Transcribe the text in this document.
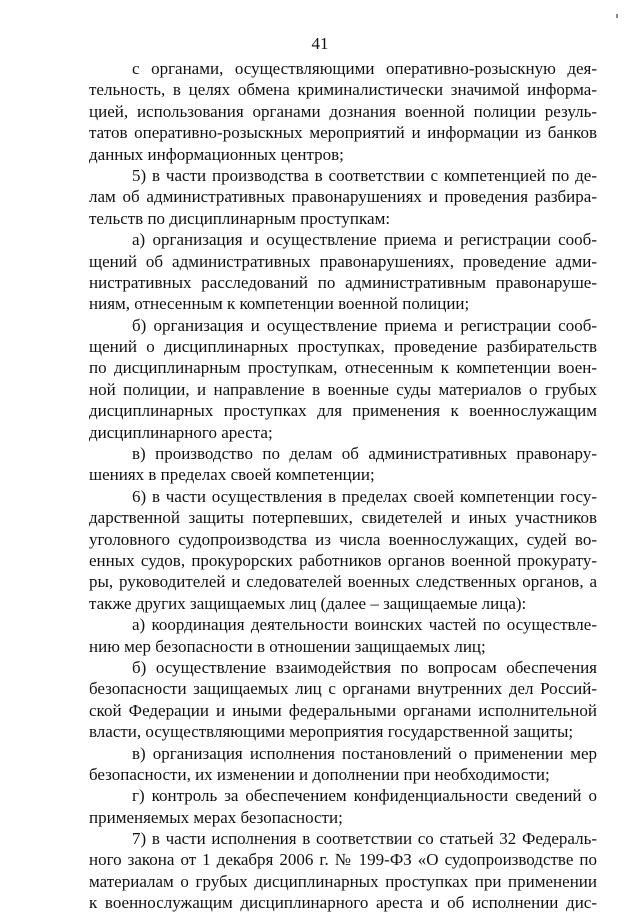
41
с органами, осуществляющими оперативно-розыскную дея-
тельность, в целях обмена криминалистически значимой информа-
цией, использования органами дознания военной полиции резуль-
татов оперативно-розыскных мероприятий и информации из банков
данных информационных центров;
5) в части производства в соответствии с компетенцией по де-
лам об административных правонарушениях и проведения разбира-
тельств по дисциплинарным проступкам:
а) организация и осуществление приема и регистрации сооб-
щений об административных правонарушениях, проведение адми-
нистративных расследований по административным правонаруше-
ниям, отнесенным к компетенции военной полиции;
б) организация и осуществление приема и регистрации сооб-
щений о дисциплинарных проступках, проведение разбирательств
по дисциплинарным проступкам, отнесенным к компетенции воен-
ной полиции, и направление в военные суды материалов о грубых
дисциплинарных проступках для применения к военнослужащим
дисциплинарного ареста;
в) производство по делам об административных правонару-
шениях в пределах своей компетенции;
6) в части осуществления в пределах своей компетенции госу-
дарственной защиты потерпевших, свидетелей и иных участников
уголовного судопроизводства из числа военнослужащих, судей во-
енных судов, прокурорских работников органов военной прокурату-
ры, руководителей и следователей военных следственных органов, а
также других защищаемых лиц (далее – защищаемые лица):
а) координация деятельности воинских частей по осуществле-
нию мер безопасности в отношении защищаемых лиц;
б) осуществление взаимодействия по вопросам обеспечения
безопасности защищаемых лиц с органами внутренних дел Россий-
ской Федерации и иными федеральными органами исполнительной
власти, осуществляющими мероприятия государственной защиты;
в) организация исполнения постановлений о применении мер
безопасности, их изменении и дополнении при необходимости;
г) контроль за обеспечением конфиденциальности сведений о
применяемых мерах безопасности;
7) в части исполнения в соответствии со статьей 32 Федераль-
ного закона от 1 декабря 2006 г. № 199-ФЗ «О судопроизводстве по
материалам о грубых дисциплинарных проступках при применении
к военнослужащим дисциплинарного ареста и об исполнении дис-
